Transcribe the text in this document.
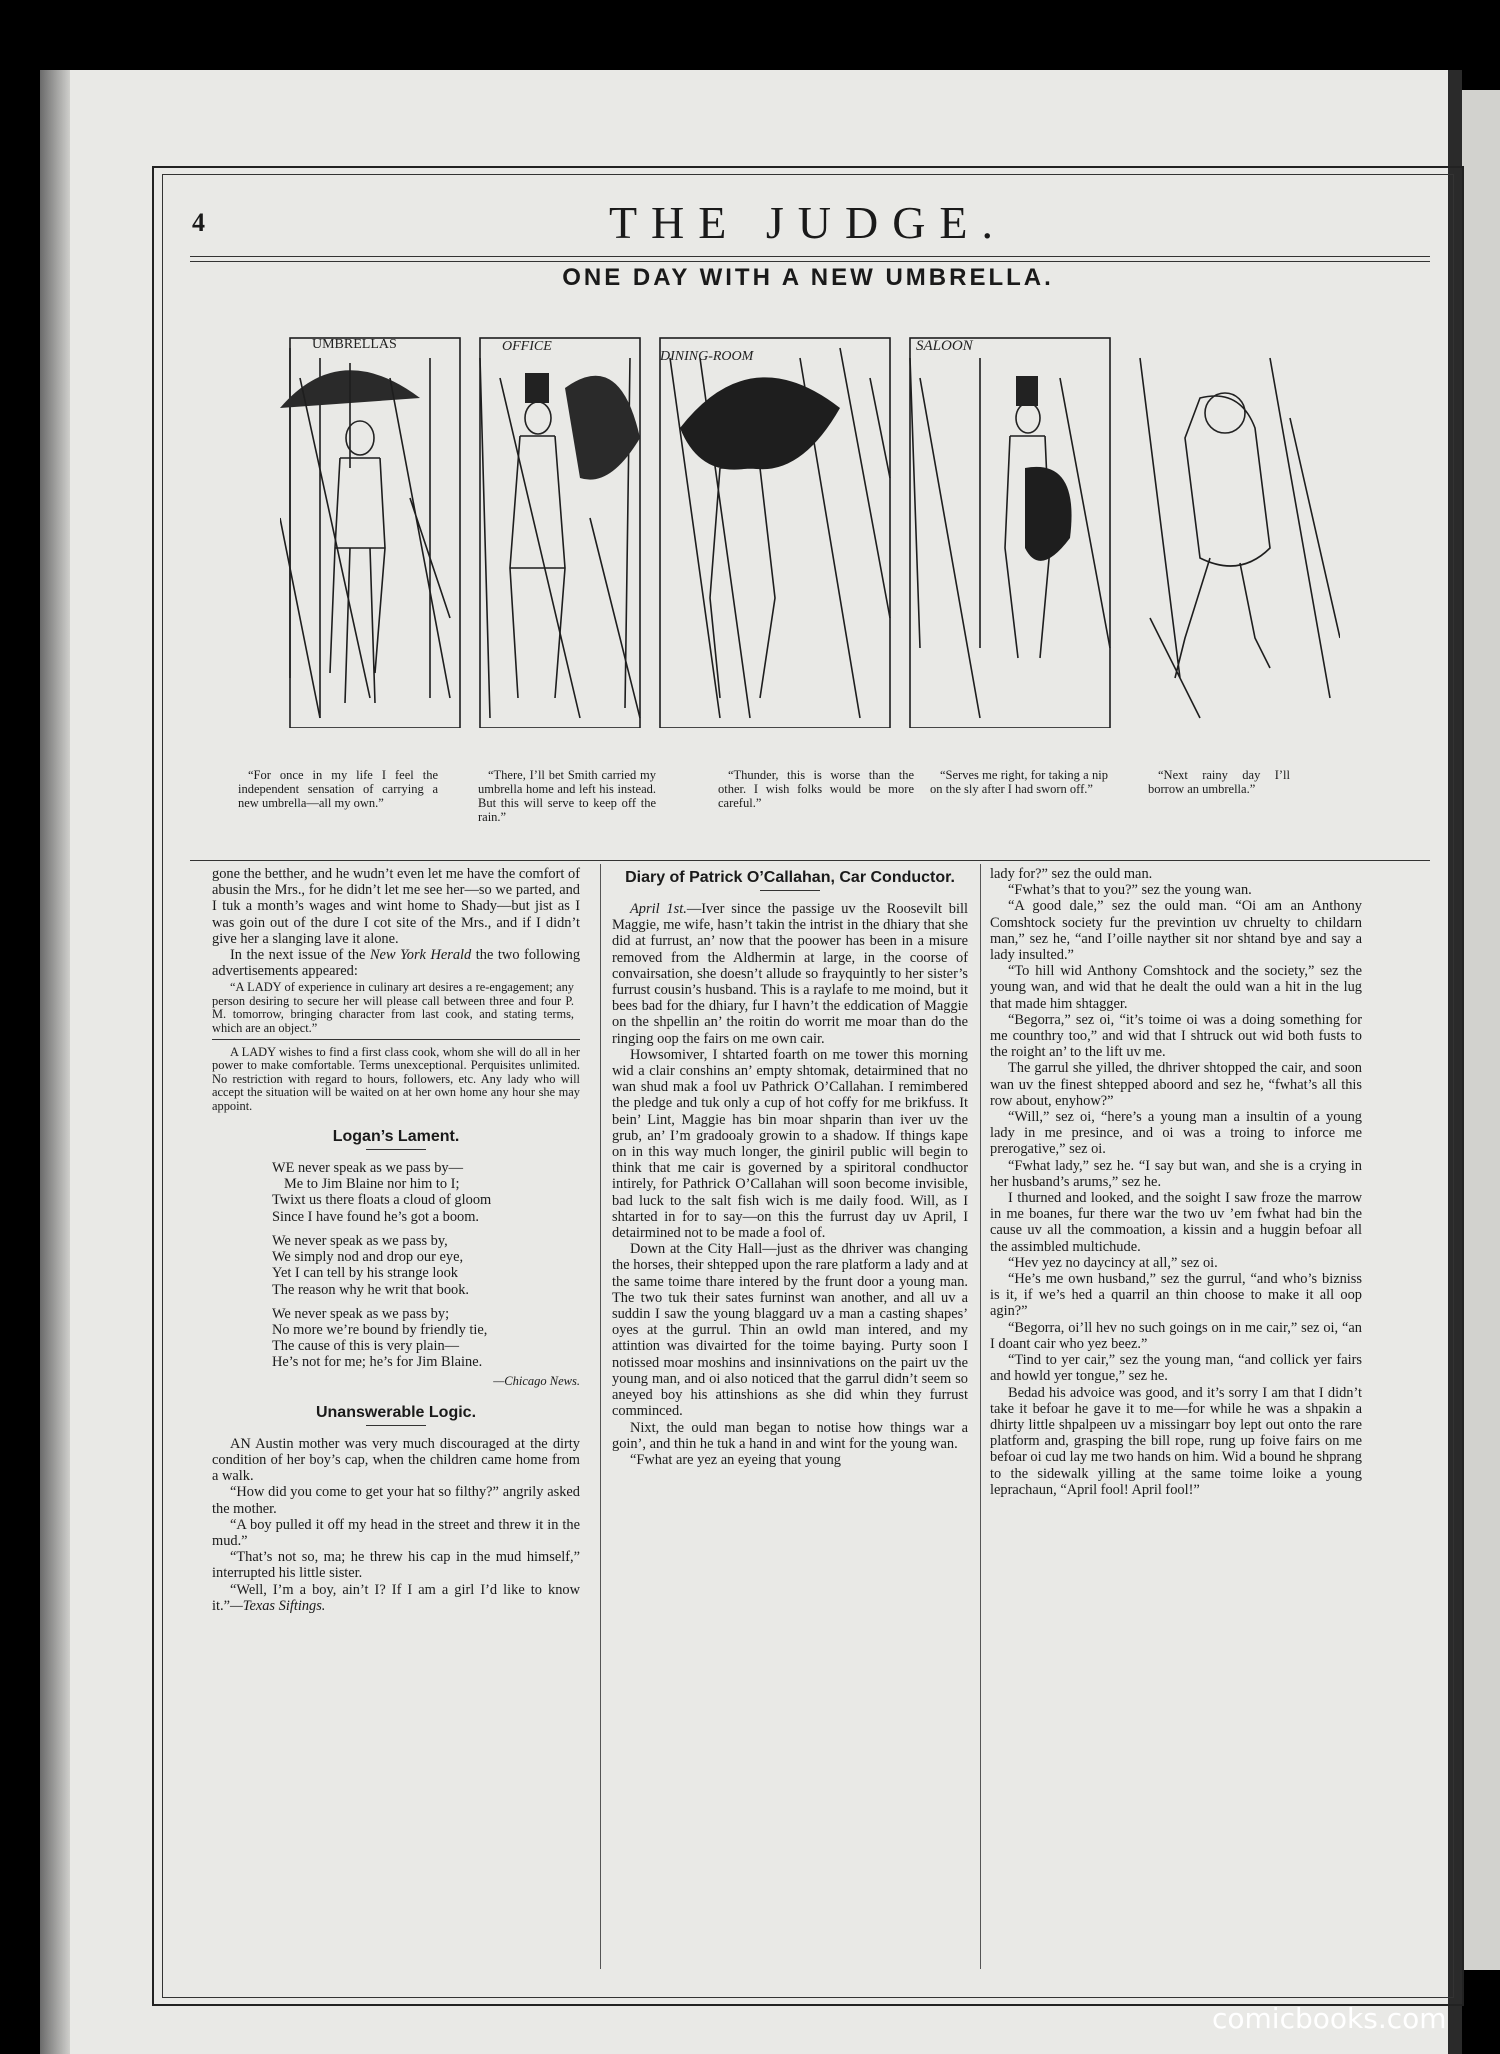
4	THE JUDGE.
ONE DAY WITH A NEW UMBRELLA.
UMBRELLAS	OFFICE
DINING-ROOM
SALOON
“For once in my life I feel the independent sensation of carrying a new umbrella—all my own.”
“There, I’ll bet Smith carried my umbrella home and left his instead. But this will serve to keep off the rain.”
“Thunder, this is worse than the other. I wish folks would be more careful.”
“Serves me right, for taking a nip on the sly after I had sworn off.”
“Next rainy day I’ll borrow an umbrella.”

gone the betther, and he wudn’t even let me have the comfort of abusin the Mrs., for he didn’t let me see her—so we parted, and I tuk a month’s wages and wint home to Shady—but jist as I was goin out of the dure I cot site of the Mrs., and if I didn’t give her a slanging lave it alone.

In the next issue of the New York Herald the two following advertisements appeared:

“A LADY of experience in culinary art desires a re-engagement; any person desiring to secure her will please call between three and four P. M. tomorrow, bringing character from last cook, and stating terms, which are an object.”

A LADY wishes to find a first class cook, whom she will do all in her power to make comfortable. Terms unexceptional. Perquisites unlimited. No restriction with regard to hours, followers, etc. Any lady who will accept the situation will be waited on at her own home any hour she may appoint.

Logan’s Lament.
WE never speak as we pass by—
Me to Jim Blaine nor him to I;
Twixt us there floats a cloud of gloom
Since I have found he’s got a boom.
We never speak as we pass by,
We simply nod and drop our eye,
Yet I can tell by his strange look
The reason why he writ that book.
We never speak as we pass by;
No more we’re bound by friendly tie,
The cause of this is very plain—
He’s not for me; he’s for Jim Blaine.
—Chicago News.
Unanswerable Logic.

AN Austin mother was very much discouraged at the dirty condition of her boy’s cap, when the children came home from a walk.

“How did you come to get your hat so filthy?” angrily asked the mother.

“A boy pulled it off my head in the street and threw it in the mud.”

“That’s not so, ma; he threw his cap in the mud himself,” interrupted his little sister.

“Well, I’m a boy, ain’t I? If I am a girl I’d like to know it.”—Texas Siftings.

Diary of Patrick O’Callahan, Car Conductor.

April 1st.—Iver since the passige uv the Roosevilt bill Maggie, me wife, hasn’t takin the intrist in the dhiary that she did at furrust, an’ now that the poower has been in a misure removed from the Aldhermin at large, in the coorse of convairsation, she doesn’t allude so frayquintly to her sister’s furrust cousin’s husband. This is a raylafe to me moind, but it bees bad for the dhiary, fur I havn’t the eddication of Maggie on the shpellin an’ the roitin do worrit me moar than do the ringing oop the fairs on me own cair.

Howsomiver, I shtarted foarth on me tower this morning wid a clair conshins an’ empty shtomak, detairmined that no wan shud mak a fool uv Pathrick O’Callahan. I remimbered the pledge and tuk only a cup of hot coffy for me brikfuss. It bein’ Lint, Maggie has bin moar shparin than iver uv the grub, an’ I’m gradooaly growin to a shadow. If things kape on in this way much longer, the giniril public will begin to think that me cair is governed by a spiritoral condhuctor intirely, for Pathrick O’Callahan will soon become invisible, bad luck to the salt fish wich is me daily food. Will, as I shtarted in for to say—on this the furrust day uv April, I detairmined not to be made a fool of.

Down at the City Hall—just as the dhriver was changing the horses, their shtepped upon the rare platform a lady and at the same toime thare intered by the frunt door a young man. The two tuk their sates furninst wan another, and all uv a suddin I saw the young blaggard uv a man a casting shapes’ oyes at the gurrul. Thin an owld man intered, and my attintion was divairted for the toime baying. Purty soon I notissed moar moshins and insinnivations on the pairt uv the young man, and oi also noticed that the garrul didn’t seem so aneyed boy his attinshions as she did whin they furrust comminced.

Nixt, the ould man began to notise how things war a goin’, and thin he tuk a hand in and wint for the young wan.

“Fwhat are yez an eyeing that young

lady for?” sez the ould man.

“Fwhat’s that to you?” sez the young wan.

“A good dale,” sez the ould man. “Oi am an Anthony Comshtock society fur the previntion uv chruelty to childarn man,” sez he, “and I’oille nayther sit nor shtand bye and say a lady insulted.”

“To hill wid Anthony Comshtock and the society,” sez the young wan, and wid that he dealt the ould wan a hit in the lug that made him shtagger.

“Begorra,” sez oi, “it’s toime oi was a doing something for me counthry too,” and wid that I shtruck out wid both fusts to the roight an’ to the lift uv me.

The garrul she yilled, the dhriver shtopped the cair, and soon wan uv the finest shtepped aboord and sez he, “fwhat’s all this row about, enyhow?”

“Will,” sez oi, “here’s a young man a insultin of a young lady in me presince, and oi was a troing to inforce me prerogative,” sez oi.

“Fwhat lady,” sez he. “I say but wan, and she is a crying in her husband’s arums,” sez he.

I thurned and looked, and the soight I saw froze the marrow in me boanes, fur there war the two uv ’em fwhat had bin the cause uv all the commoation, a kissin and a huggin befoar all the assimbled multichude.

“Hev yez no daycincy at all,” sez oi.

“He’s me own husband,” sez the gurrul, “and who’s bizniss is it, if we’s hed a quarril an thin choose to make it all oop agin?”

“Begorra, oi’ll hev no such goings on in me cair,” sez oi, “an I doant cair who yez beez.”

“Tind to yer cair,” sez the young man, “and collick yer fairs and howld yer tongue,” sez he.

Bedad his advoice was good, and it’s sorry I am that I didn’t take it befoar he gave it to me—for while he was a shpakin a dhirty little shpalpeen uv a missingarr boy lept out onto the rare platform and, grasping the bill rope, rung up foive fairs on me befoar oi cud lay me two hands on him. Wid a bound he shprang to the sidewalk yilling at the same toime loike a young leprachaun, “April fool! April fool!”

comicbooks.com
